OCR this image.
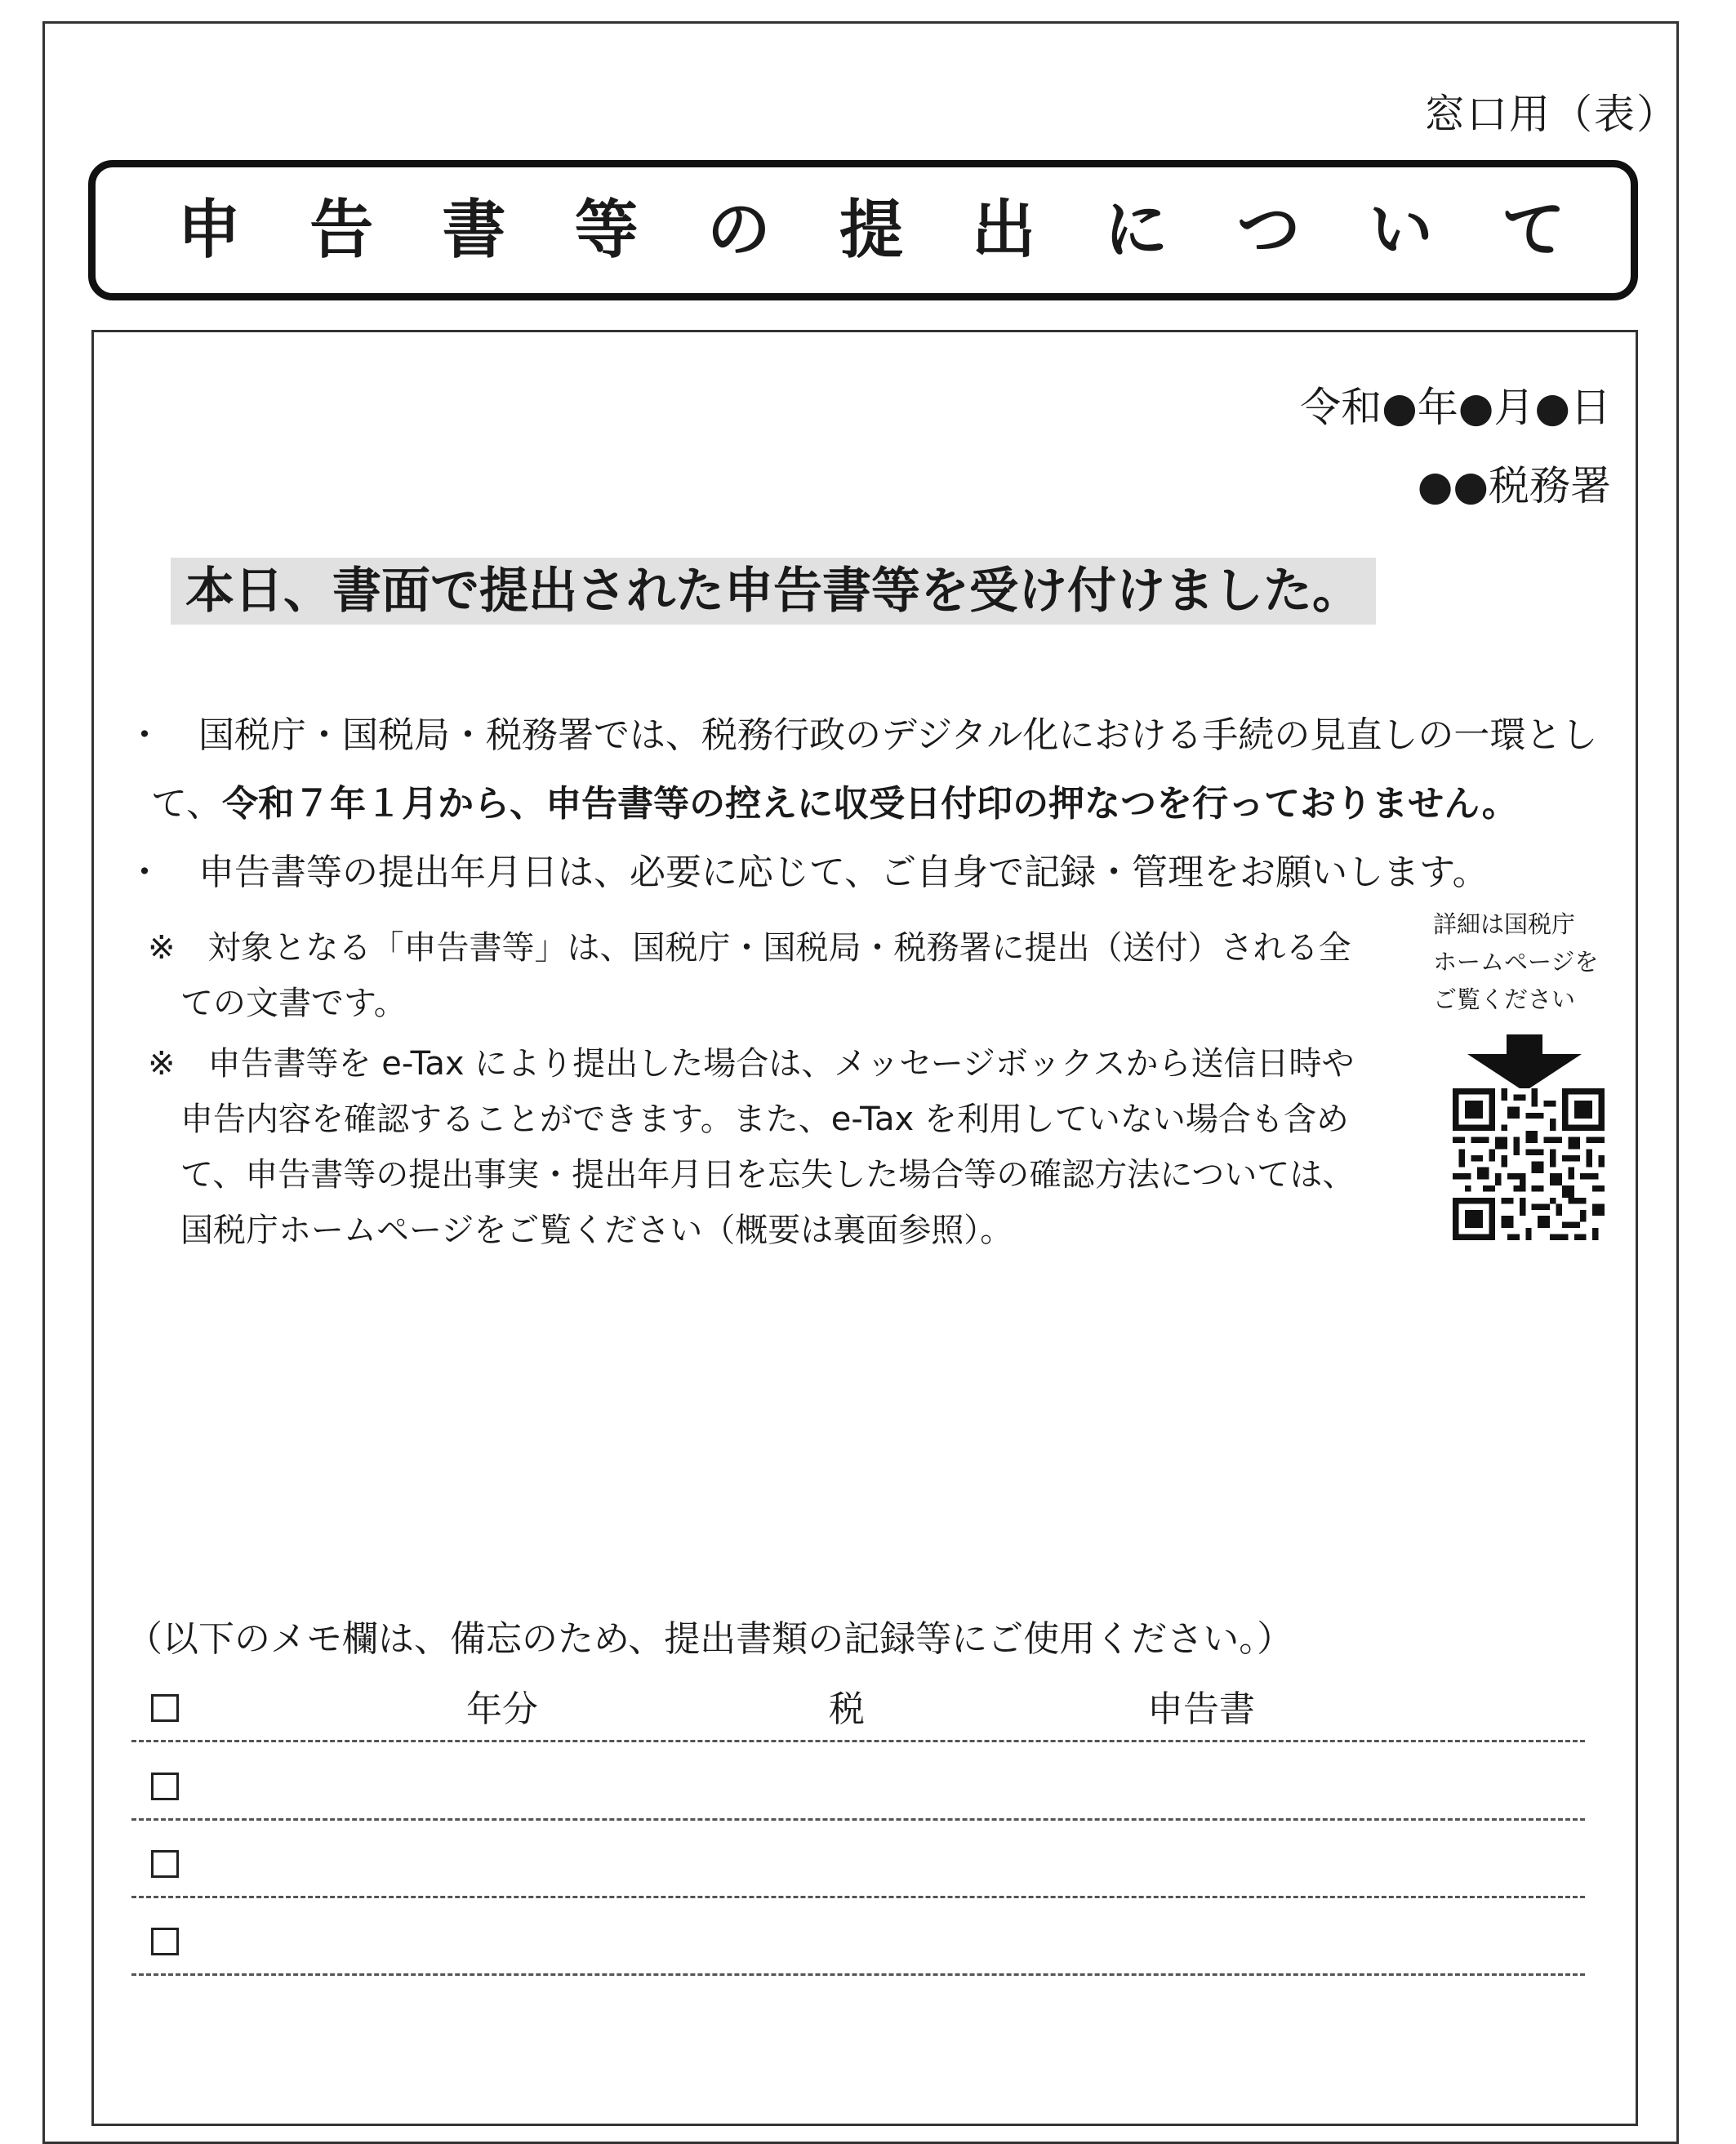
窓口用（表）
申 告 書 等 の 提 出 に つ い て
令和●年●月●日
●●税務署
本日、書面で提出された申告書等を受け付けました。
・　国税庁・国税局・税務署では、税務行政のデジタル化における手続の見直しの一環とし
て、令和７年１月から、申告書等の控えに収受日付印の押なつを行っておりません。
・　申告書等の提出年月日は、必要に応じて、ご自身で記録・管理をお願いします。
※　対象となる「申告書等」は、国税庁・国税局・税務署に提出（送付）される全
ての文書です。
※　申告書等を e-Tax により提出した場合は、メッセージボックスから送信日時や
申告内容を確認することができます。また、e-Tax を利用していない場合も含め
て、申告書等の提出事実・提出年月日を忘失した場合等の確認方法については、
国税庁ホームページをご覧ください（概要は裏面参照）。
詳細は国税庁
ホームページを
ご覧ください
（以下のメモ欄は、備忘のため、提出書類の記録等にご使用ください。）
年分	税	申告書
